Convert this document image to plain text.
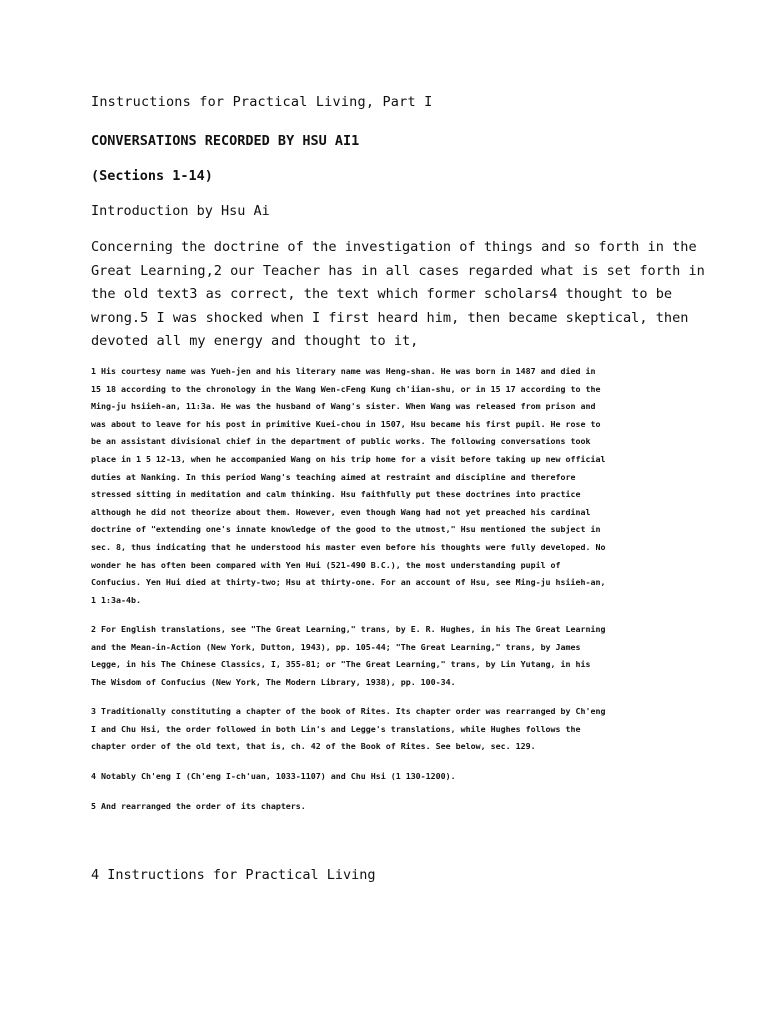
Instructions for Practical Living, Part I

CONVERSATIONS RECORDED BY HSU AI1

(Sections 1-14)

Introduction by Hsu Ai

Concerning the doctrine of the investigation of things and so forth in the
Great Learning,2 our Teacher has in all cases regarded what is set forth in
the old text3 as correct, the text which former scholars4 thought to be
wrong.5 I was shocked when I first heard him, then became skeptical, then
devoted all my energy and thought to it,

1 His courtesy name was Yueh-jen and his literary name was Heng-shan. He was born in 1487 and died in
15 18 according to the chronology in the Wang Wen-cFeng Kung ch'iian-shu, or in 15 17 according to the
Ming-ju hsiieh-an, 11:3a. He was the husband of Wang's sister. When Wang was released from prison and
was about to leave for his post in primitive Kuei-chou in 1507, Hsu became his first pupil. He rose to
be an assistant divisional chief in the department of public works. The following conversations took
place in 1 5 12-13, when he accompanied Wang on his trip home for a visit before taking up new official
duties at Nanking. In this period Wang's teaching aimed at restraint and discipline and therefore
stressed sitting in meditation and calm thinking. Hsu faithfully put these doctrines into practice
although he did not theorize about them. However, even though Wang had not yet preached his cardinal
doctrine of "extending one's innate knowledge of the good to the utmost," Hsu mentioned the subject in
sec. 8, thus indicating that he understood his master even before his thoughts were fully developed. No
wonder he has often been compared with Yen Hui (521-490 B.C.), the most understanding pupil of
Confucius. Yen Hui died at thirty-two; Hsu at thirty-one. For an account of Hsu, see Ming-ju hsiieh-an,
1 1:3a-4b.

2 For English translations, see "The Great Learning," trans, by E. R. Hughes, in his The Great Learning
and the Mean-in-Action (New York, Dutton, 1943), pp. 105-44; "The Great Learning," trans, by James
Legge, in his The Chinese Classics, I, 355-81; or "The Great Learning," trans, by Lin Yutang, in his
The Wisdom of Confucius (New York, The Modern Library, 1938), pp. 100-34.

3 Traditionally constituting a chapter of the book of Rites. Its chapter order was rearranged by Ch'eng
I and Chu Hsi, the order followed in both Lin's and Legge's translations, while Hughes follows the
chapter order of the old text, that is, ch. 42 of the Book of Rites. See below, sec. 129.

4 Notably Ch'eng I (Ch'eng I-ch'uan, 1033-1107) and Chu Hsi (1 130-1200).

5 And rearranged the order of its chapters.

4 Instructions for Practical Living
